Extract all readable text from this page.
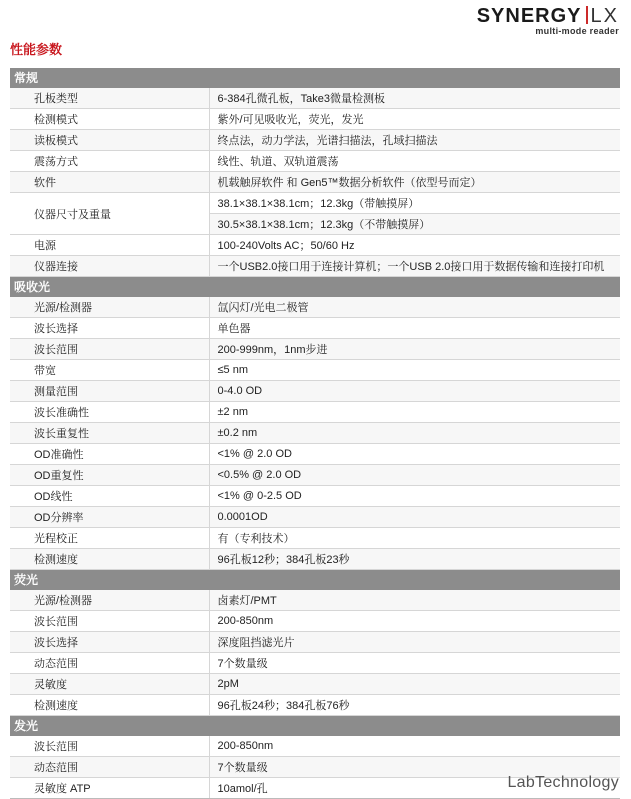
SYNERGY LX
multi-mode reader
性能参数
常规	
孔板类型	6-384孔微孔板，Take3微量检测板
检测模式	紫外/可见吸收光，荧光，发光
读板模式	终点法，动力学法，光谱扫描法，孔域扫描法
震荡方式	线性、轨道、双轨道震荡
软件	机载触屏软件 和 Gen5™数据分析软件（依型号而定）
仪器尺寸及重量	38.1×38.1×38.1cm；12.3kg（带触摸屏）
	30.5×38.1×38.1cm；12.3kg（不带触摸屏）
电源	100-240Volts AC；50/60 Hz
仪器连接	一个USB2.0接口用于连接计算机；一个USB 2.0接口用于数据传输和连接打印机
吸收光	
光源/检测器	氙闪灯/光电二极管
波长选择	单色器
波长范围	200-999nm，1nm步进
带宽	≤5 nm
测量范围	0-4.0 OD
波长准确性	±2 nm
波长重复性	±0.2 nm
OD准确性	<1% @ 2.0 OD
OD重复性	<0.5% @ 2.0 OD
OD线性	<1% @ 0-2.5 OD
OD分辨率	0.0001OD
光程校正	有（专利技术）
检测速度	96孔板12秒；384孔板23秒
荧光	
光源/检测器	卤素灯/PMT
波长范围	200-850nm
波长选择	深度阻挡滤光片
动态范围	7个数量级
灵敏度	2pM
检测速度	96孔板24秒；384孔板76秒
发光	
波长范围	200-850nm
动态范围	7个数量级
灵敏度 ATP	10amol/孔	LabTechnology
